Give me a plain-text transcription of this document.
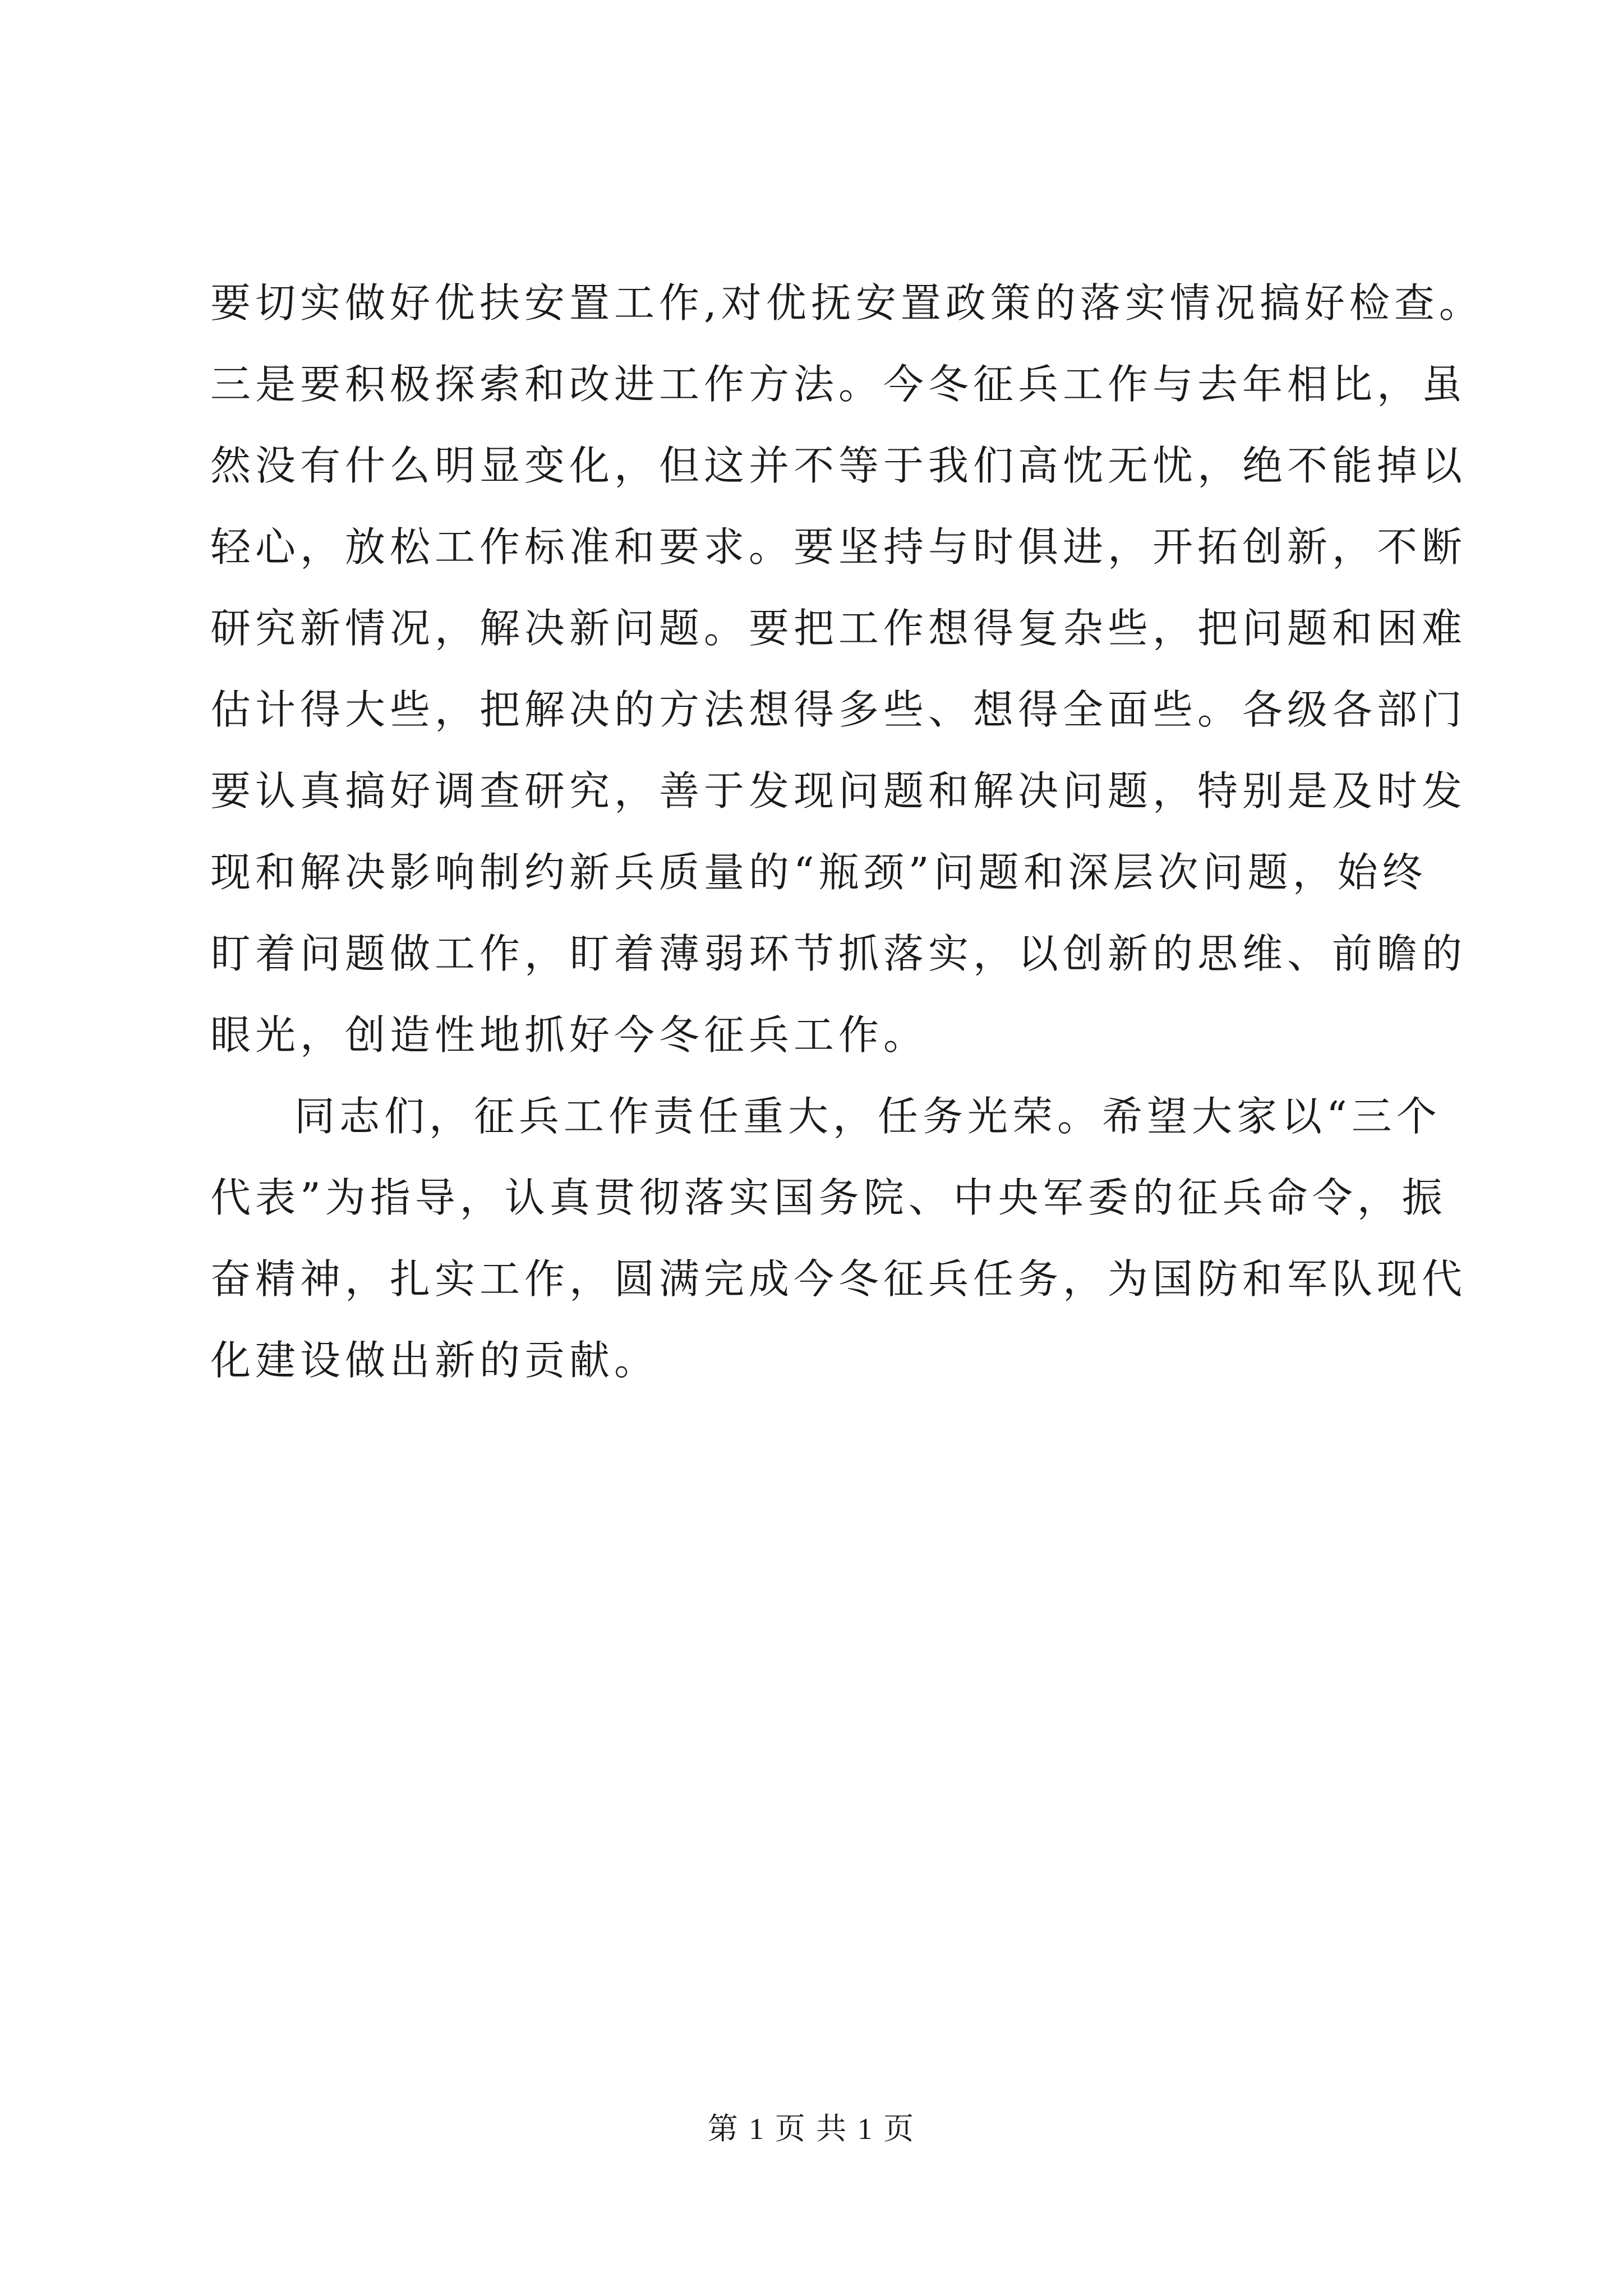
要切实做好优扶安置工作,对优抚安置政策的落实情况搞好检查。
三是要积极探索和改进工作方法。今冬征兵工作与去年相比，虽
然没有什么明显变化，但这并不等于我们高忱无忧，绝不能掉以
轻心，放松工作标准和要求。要坚持与时俱进，开拓创新，不断
研究新情况，解决新问题。要把工作想得复杂些，把问题和困难
估计得大些，把解决的方法想得多些、想得全面些。各级各部门
要认真搞好调查研究，善于发现问题和解决问题，特别是及时发
现和解决影响制约新兵质量的“瓶颈”问题和深层次问题，始终
盯着问题做工作，盯着薄弱环节抓落实，以创新的思维、前瞻的
眼光，创造性地抓好今冬征兵工作。
同志们，征兵工作责任重大，任务光荣。希望大家以“三个
代表”为指导，认真贯彻落实国务院、中央军委的征兵命令，振
奋精神，扎实工作，圆满完成今冬征兵任务，为国防和军队现代
化建设做出新的贡献。
第 1 页 共 1 页
